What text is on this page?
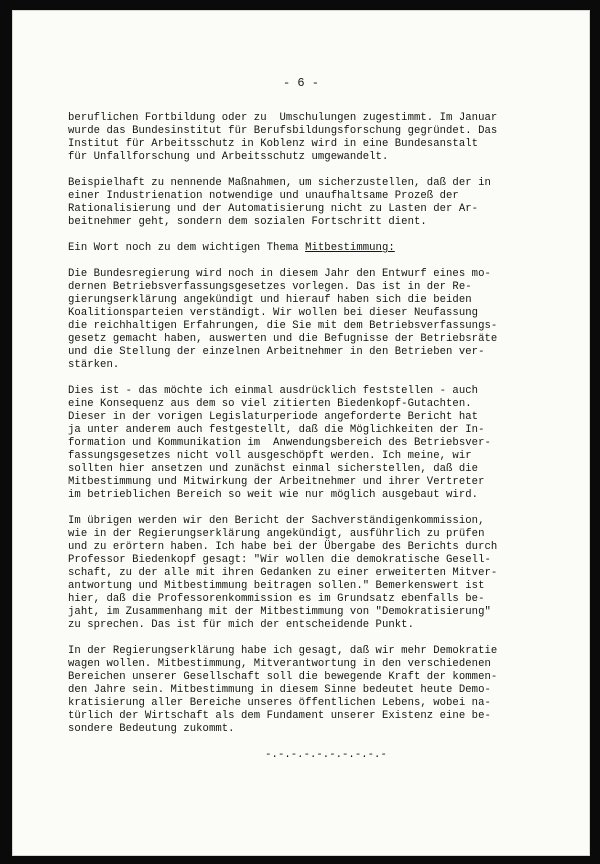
- 6 -
beruflichen Fortbildung oder zu  Umschulungen zugestimmt. Im Januar
wurde das Bundesinstitut für Berufsbildungsforschung gegründet. Das
Institut für Arbeitsschutz in Koblenz wird in eine Bundesanstalt
für Unfallforschung und Arbeitsschutz umgewandelt.
Beispielhaft zu nennende Maßnahmen, um sicherzustellen, daß der in
einer Industrienation notwendige und unaufhaltsame Prozeß der
Rationalisierung und der Automatisierung nicht zu Lasten der Ar-
beitnehmer geht, sondern dem sozialen Fortschritt dient.
Ein Wort noch zu dem wichtigen Thema Mitbestimmung:
Die Bundesregierung wird noch in diesem Jahr den Entwurf eines mo-
dernen Betriebsverfassungsgesetzes vorlegen. Das ist in der Re-
gierungserklärung angekündigt und hierauf haben sich die beiden
Koalitionsparteien verständigt. Wir wollen bei dieser Neufassung
die reichhaltigen Erfahrungen, die Sie mit dem Betriebsverfassungs-
gesetz gemacht haben, auswerten und die Befugnisse der Betriebsräte
und die Stellung der einzelnen Arbeitnehmer in den Betrieben ver-
stärken.
Dies ist - das möchte ich einmal ausdrücklich feststellen - auch
eine Konsequenz aus dem so viel zitierten Biedenkopf-Gutachten.
Dieser in der vorigen Legislaturperiode angeforderte Bericht hat
ja unter anderem auch festgestellt, daß die Möglichkeiten der In-
formation und Kommunikation im  Anwendungsbereich des Betriebsver-
fassungsgesetzes nicht voll ausgeschöpft werden. Ich meine, wir
sollten hier ansetzen und zunächst einmal sicherstellen, daß die
Mitbestimmung und Mitwirkung der Arbeitnehmer und ihrer Vertreter
im betrieblichen Bereich so weit wie nur möglich ausgebaut wird.
Im übrigen werden wir den Bericht der Sachverständigenkommission,
wie in der Regierungserklärung angekündigt, ausführlich zu prüfen
und zu erörtern haben. Ich habe bei der Übergabe des Berichts durch
Professor Biedenkopf gesagt: "Wir wollen die demokratische Gesell-
schaft, zu der alle mit ihren Gedanken zu einer erweiterten Mitver-
antwortung und Mitbestimmung beitragen sollen." Bemerkenswert ist
hier, daß die Professorenkommission es im Grundsatz ebenfalls be-
jaht, im Zusammenhang mit der Mitbestimmung von "Demokratisierung"
zu sprechen. Das ist für mich der entscheidende Punkt.
In der Regierungserklärung habe ich gesagt, daß wir mehr Demokratie
wagen wollen. Mitbestimmung, Mitverantwortung in den verschiedenen
Bereichen unserer Gesellschaft soll die bewegende Kraft der kommen-
den Jahre sein. Mitbestimmung in diesem Sinne bedeutet heute Demo-
kratisierung aller Bereiche unseres öffentlichen Lebens, wobei na-
türlich der Wirtschaft als dem Fundament unserer Existenz eine be-
sondere Bedeutung zukommt.
-.-.-.-.-.-.-.-.-.-
